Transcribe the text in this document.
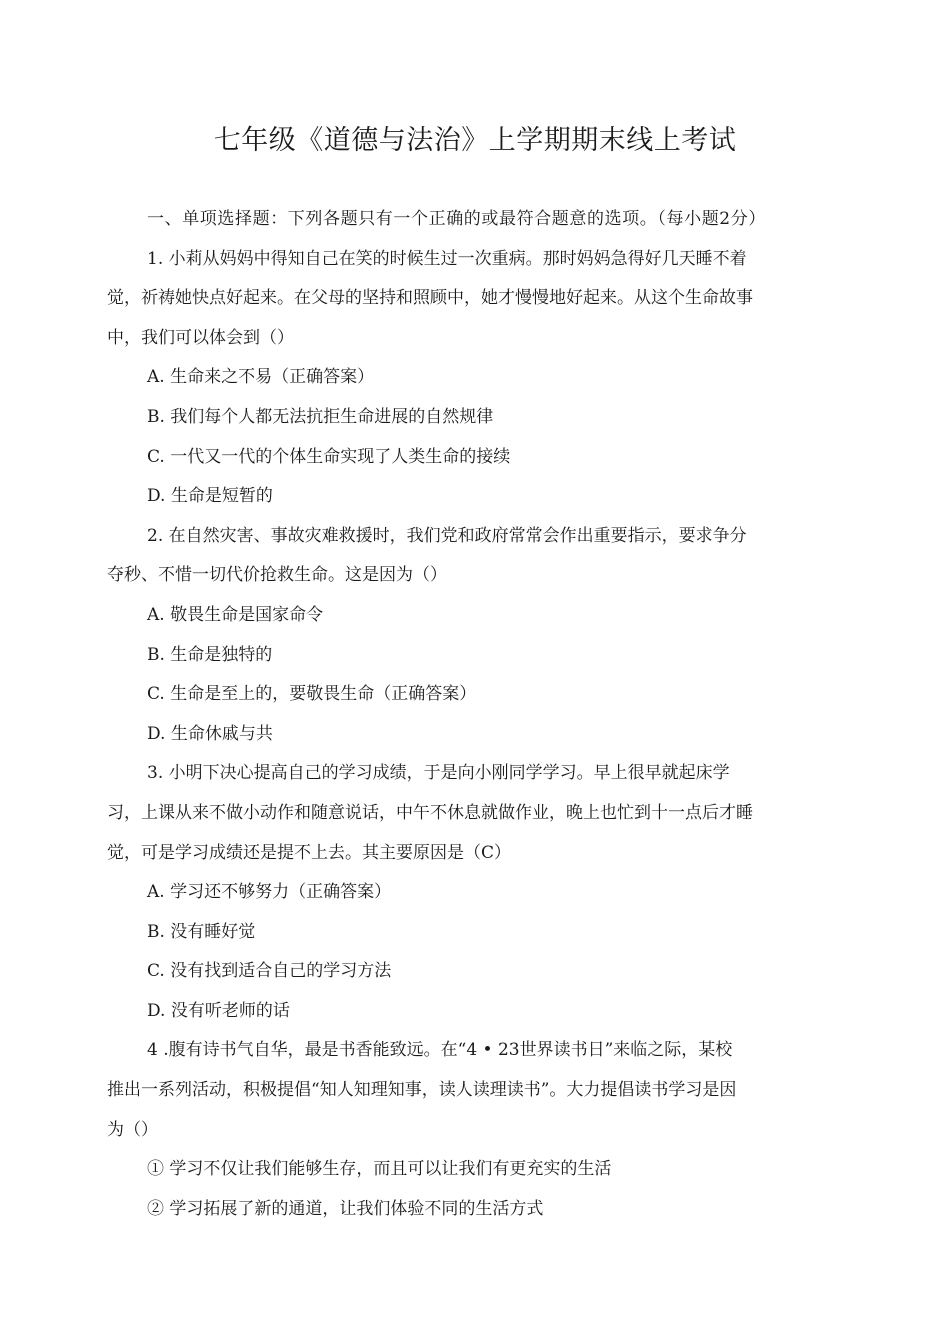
七年级《道德与法治》上学期期末线上考试
一、单项选择题：下列各题只有一个正确的或最符合题意的选项。（每小题2分）
1. 小莉从妈妈中得知自己在笑的时候生过一次重病。那时妈妈急得好几天睡不着
觉，祈祷她快点好起来。在父母的坚持和照顾中，她才慢慢地好起来。从这个生命故事
中，我们可以体会到（）
A. 生命来之不易（正确答案）
B. 我们每个人都无法抗拒生命进展的自然规律
C. 一代又一代的个体生命实现了人类生命的接续
D. 生命是短暂的
2. 在自然灾害、事故灾难救援时，我们党和政府常常会作出重要指示，要求争分
夺秒、不惜一切代价抢救生命。这是因为（）
A. 敬畏生命是国家命令
B. 生命是独特的
C. 生命是至上的，要敬畏生命（正确答案）
D. 生命休戚与共
3. 小明下决心提高自己的学习成绩，于是向小刚同学学习。早上很早就起床学
习，上课从来不做小动作和随意说话，中午不休息就做作业，晚上也忙到十一点后才睡
觉，可是学习成绩还是提不上去。其主要原因是（C）
A. 学习还不够努力（正确答案）
B. 没有睡好觉
C. 没有找到适合自己的学习方法
D. 没有听老师的话
4 .腹有诗书气自华，最是书香能致远。在“4 • 23世界读书日”来临之际，某校
推出一系列活动，积极提倡“知人知理知事，读人读理读书”。大力提倡读书学习是因
为（）
① 学习不仅让我们能够生存，而且可以让我们有更充实的生活
② 学习拓展了新的通道，让我们体验不同的生活方式
